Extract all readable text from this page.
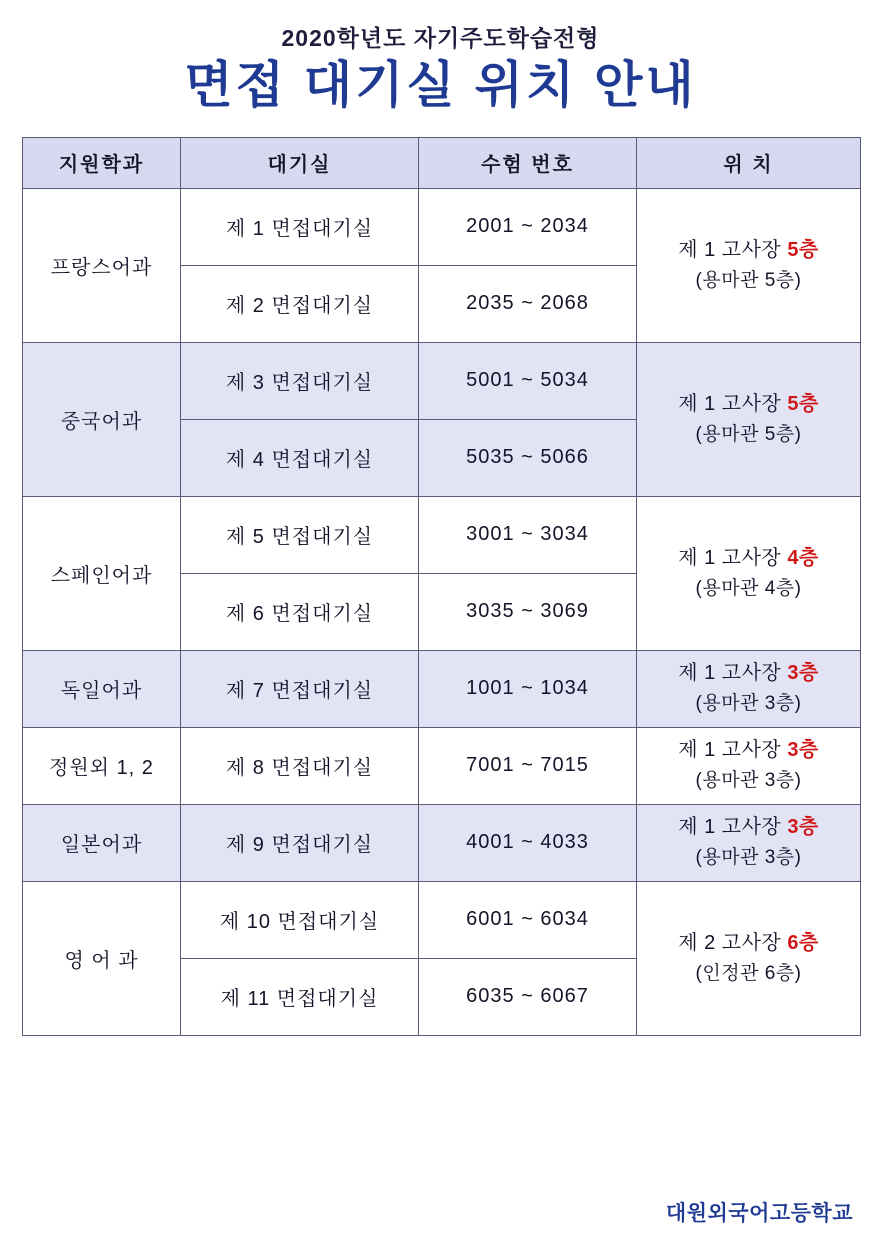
2020학년도 자기주도학습전형
면접 대기실 위치 안내
지원학과	대기실	수험 번호	위 치
프랑스어과	제 1 면접대기실	2001 ~ 2034	제 1 고사장 5층
(용마관 5층)

	제 2 면접대기실	2035 ~ 2068	
중국어과	제 3 면접대기실	5001 ~ 5034	제 1 고사장 5층
(용마관 5층)

	제 4 면접대기실	5035 ~ 5066	
스페인어과	제 5 면접대기실	3001 ~ 3034	제 1 고사장 4층
(용마관 4층)

	제 6 면접대기실	3035 ~ 3069	
독일어과	제 7 면접대기실	1001 ~ 1034	제 1 고사장 3층
(용마관 3층)

정원외 1, 2	제 8 면접대기실	7001 ~ 7015	제 1 고사장 3층
(용마관 3층)

일본어과	제 9 면접대기실	4001 ~ 4033	제 1 고사장 3층
(용마관 3층)

영 어 과	제 10 면접대기실	6001 ~ 6034	제 2 고사장 6층
(인정관 6층)

	제 11 면접대기실	6035 ~ 6067	
대원외국어고등학교
